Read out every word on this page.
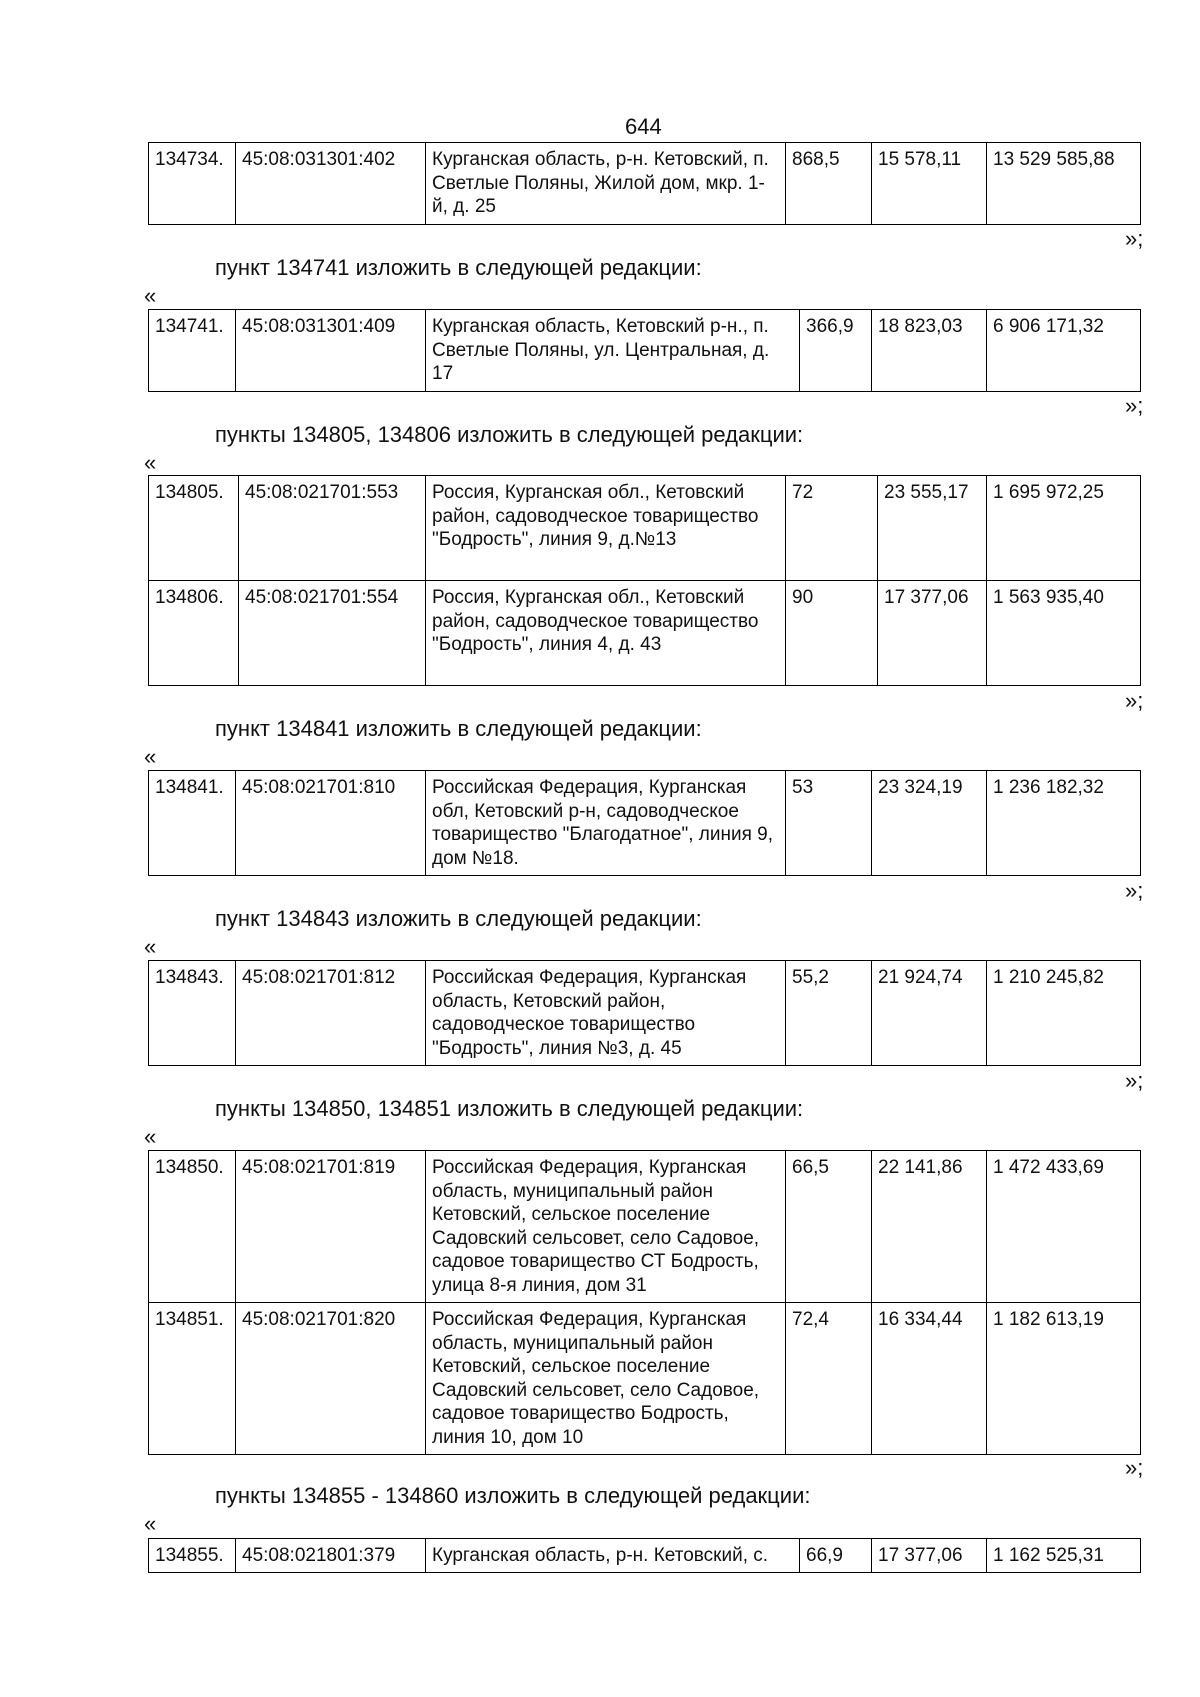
644
134734.	45:08:031301:402	Курганская область, р-н. Кетовский, п. Светлые Поляны, Жилой дом, мкр. 1-й, д. 25	868,5	15 578,11	13 529 585,88
»;
пункт 134741 изложить в следующей редакции:
«
134741.	45:08:031301:409	Курганская область, Кетовский р-н., п. Светлые Поляны, ул. Центральная, д. 17	366,9	18 823,03	6 906 171,32
»;
пункты 134805, 134806 изложить в следующей редакции:
«
134805.	45:08:021701:553	Россия, Курганская обл., Кетовский район, садоводческое товарищество "Бодрость", линия 9, д.№13	72	23 555,17	1 695 972,25
134806.	45:08:021701:554	Россия, Курганская обл., Кетовский район, садоводческое товарищество "Бодрость", линия 4, д. 43	90	17 377,06	1 563 935,40
»;
пункт 134841 изложить в следующей редакции:
«
134841.	45:08:021701:810	Российская Федерация, Курганская обл, Кетовский р-н, садоводческое товарищество "Благодатное", линия 9, дом №18.	53	23 324,19	1 236 182,32
»;
пункт 134843 изложить в следующей редакции:
«
134843.	45:08:021701:812	Российская Федерация, Курганская область, Кетовский район, садоводческое товарищество "Бодрость", линия №3, д. 45	55,2	21 924,74	1 210 245,82
»;
пункты 134850, 134851 изложить в следующей редакции:
«
134850.	45:08:021701:819	Российская Федерация, Курганская область, муниципальный район Кетовский, сельское поселение Садовский сельсовет, село Садовое, садовое товарищество СТ Бодрость, улица 8-я линия, дом 31	66,5	22 141,86	1 472 433,69
134851.	45:08:021701:820	Российская Федерация, Курганская область, муниципальный район Кетовский, сельское поселение Садовский сельсовет, село Садовое, садовое товарищество Бодрость, линия 10, дом 10	72,4	16 334,44	1 182 613,19
»;
пункты 134855 - 134860 изложить в следующей редакции:
«
134855.	45:08:021801:379	Курганская область, р-н. Кетовский, с.	66,9	17 377,06	1 162 525,31
